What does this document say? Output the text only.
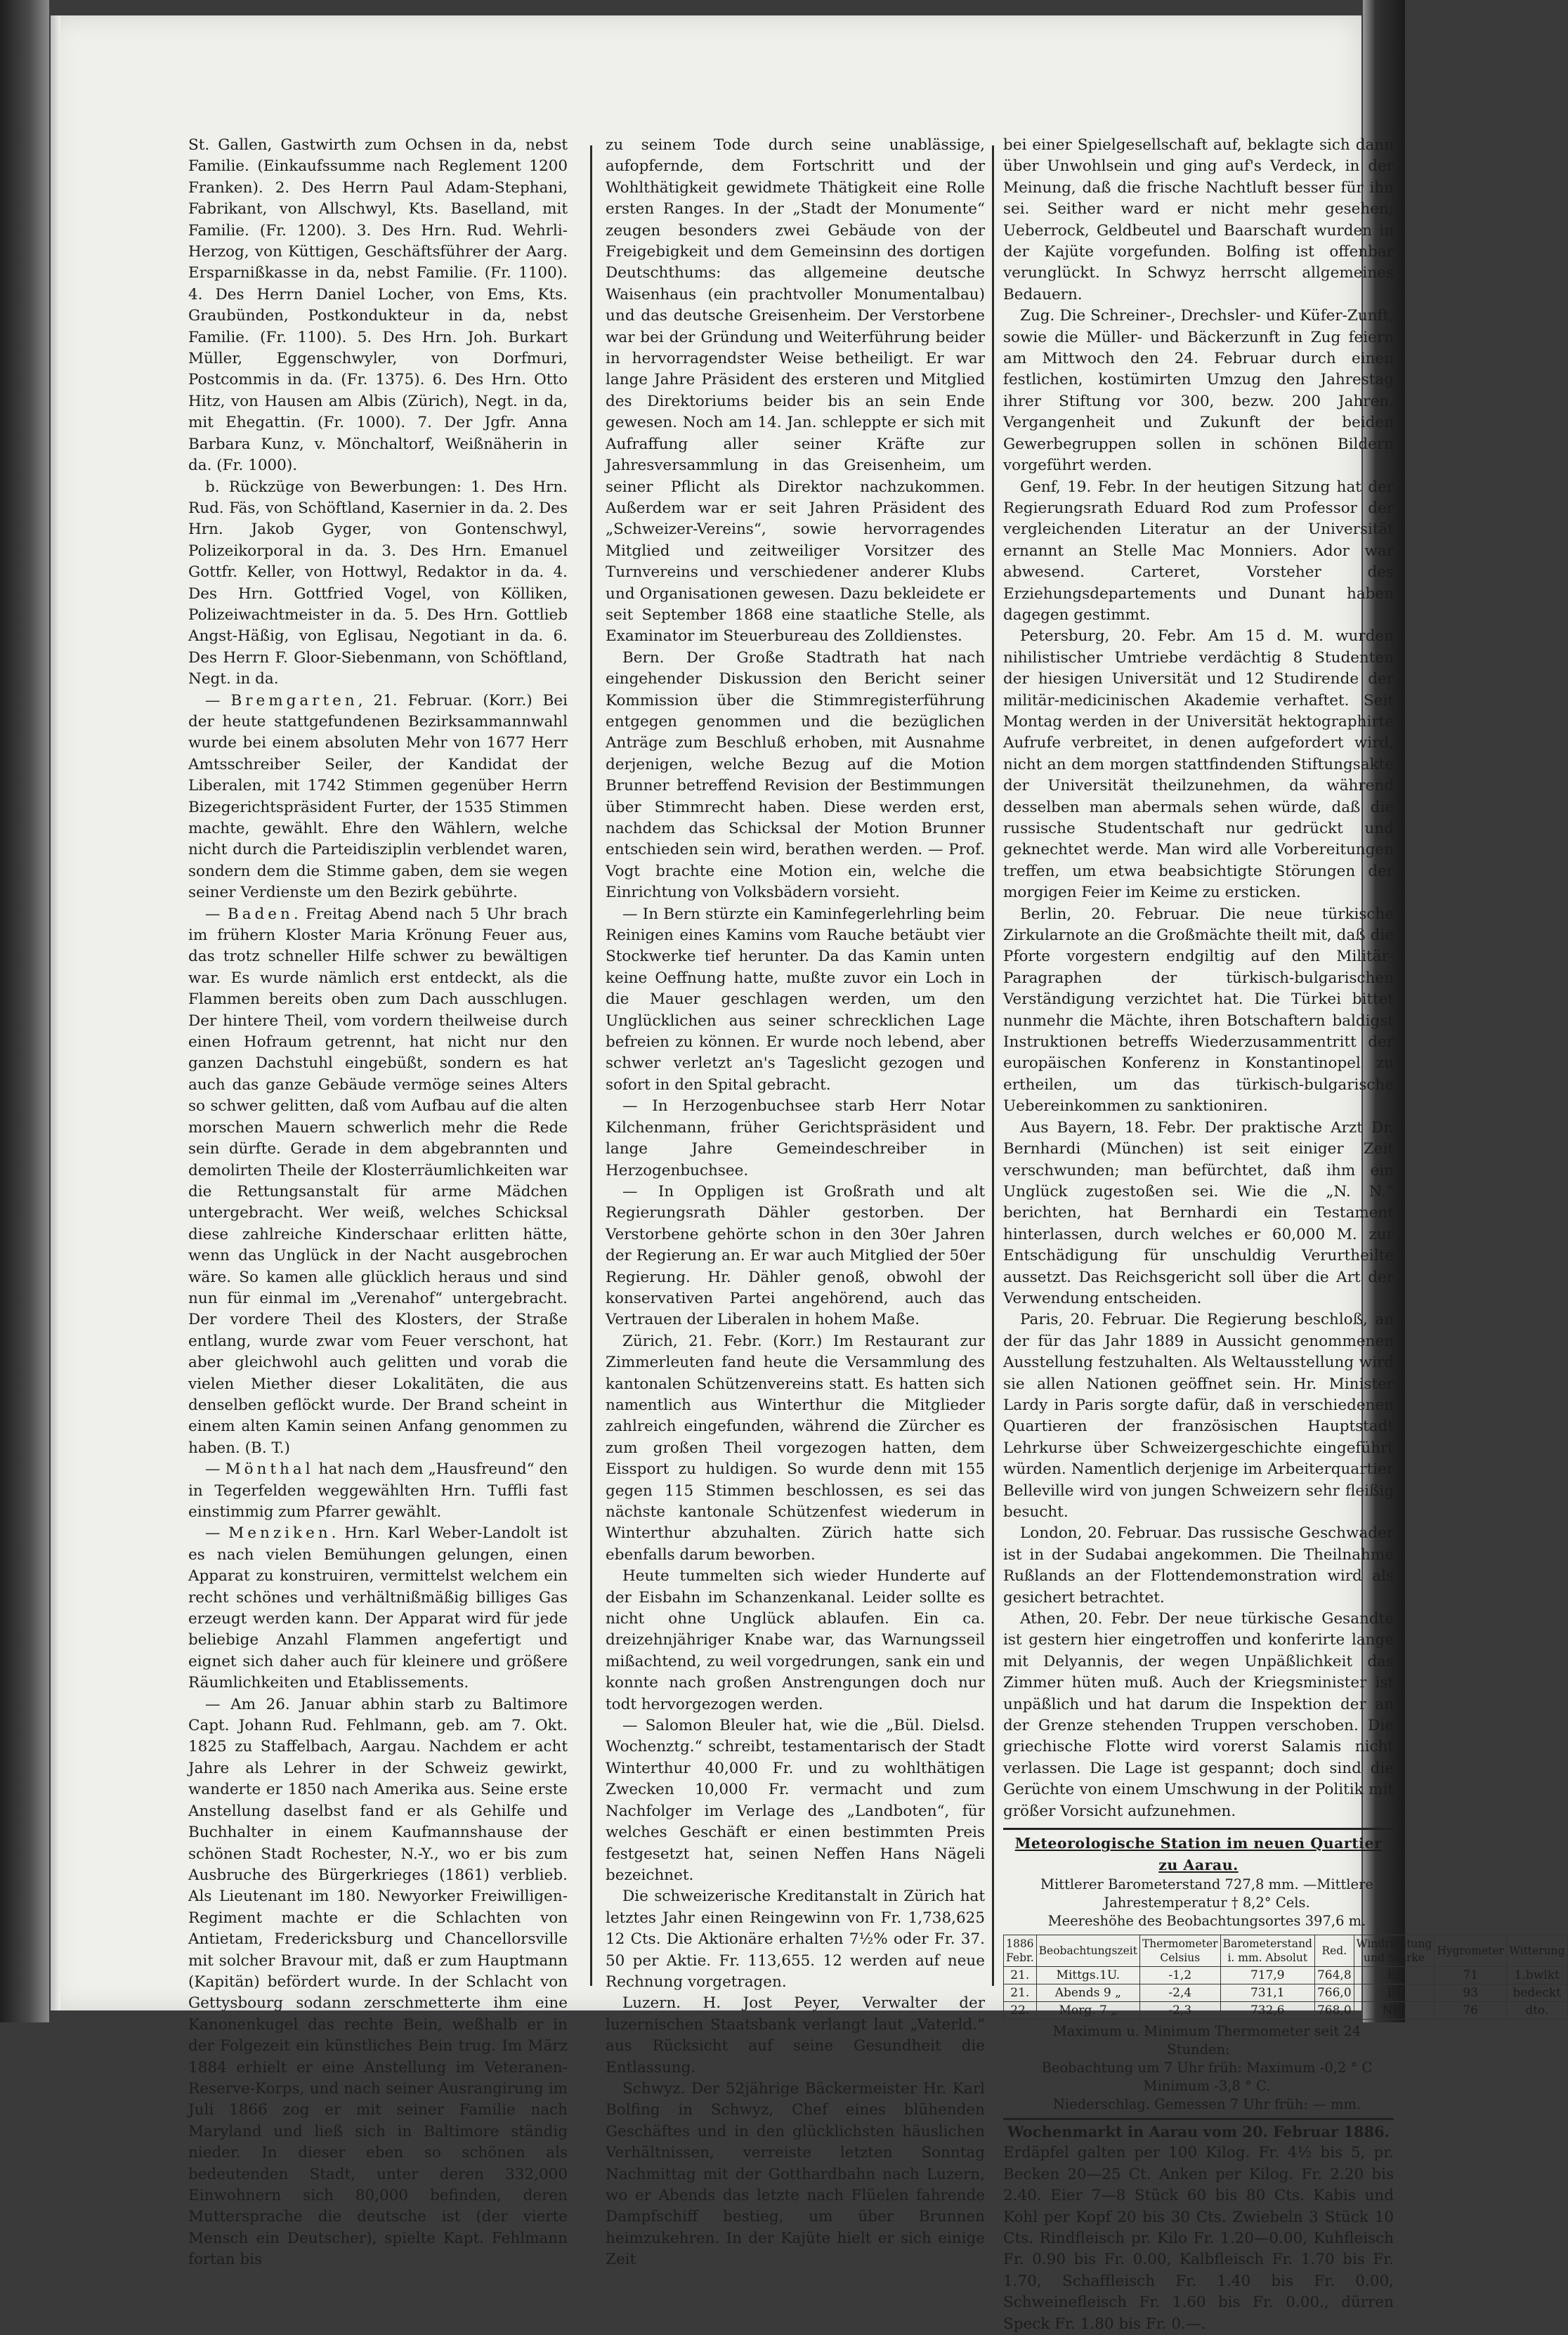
St. Gallen, Gastwirth zum Ochsen in da, nebst Familie. (Einkaufssumme nach Reglement 1200 Franken). 2. Des Herrn Paul Adam-Stephani, Fabrikant, von Allschwyl, Kts. Baselland, mit Familie. (Fr. 1200). 3. Des Hrn. Rud. Wehrli-Herzog, von Küttigen, Geschäftsführer der Aarg. Ersparnißkasse in da, nebst Familie. (Fr. 1100). 4. Des Herrn Daniel Locher, von Ems, Kts. Graubünden, Postkondukteur in da, nebst Familie. (Fr. 1100). 5. Des Hrn. Joh. Burkart Müller, Eggenschwyler, von Dorfmuri, Postcommis in da. (Fr. 1375). 6. Des Hrn. Otto Hitz, von Hausen am Albis (Zürich), Negt. in da, mit Ehegattin. (Fr. 1000). 7. Der Jgfr. Anna Barbara Kunz, v. Mönchaltorf, Weißnäherin in da. (Fr. 1000).

b. Rückzüge von Bewerbungen: 1. Des Hrn. Rud. Fäs, von Schöftland, Kasernier in da. 2. Des Hrn. Jakob Gyger, von Gontenschwyl, Polizeikorporal in da. 3. Des Hrn. Emanuel Gottfr. Keller, von Hottwyl, Redaktor in da. 4. Des Hrn. Gottfried Vogel, von Kölliken, Polizeiwachtmeister in da. 5. Des Hrn. Gottlieb Angst-Häßig, von Eglisau, Negotiant in da. 6. Des Herrn F. Gloor-Siebenmann, von Schöftland, Negt. in da.

— Bremgarten, 21. Februar. (Korr.) Bei der heute stattgefundenen Bezirksammannwahl wurde bei einem absoluten Mehr von 1677 Herr Amtsschreiber Seiler, der Kandidat der Liberalen, mit 1742 Stimmen gegenüber Herrn Bizegerichtspräsident Furter, der 1535 Stimmen machte, gewählt. Ehre den Wählern, welche nicht durch die Parteidisziplin verblendet waren, sondern dem die Stimme gaben, dem sie wegen seiner Verdienste um den Bezirk gebührte.

— Baden. Freitag Abend nach 5 Uhr brach im frühern Kloster Maria Krönung Feuer aus, das trotz schneller Hilfe schwer zu bewältigen war. Es wurde nämlich erst entdeckt, als die Flammen bereits oben zum Dach ausschlugen. Der hintere Theil, vom vordern theilweise durch einen Hofraum getrennt, hat nicht nur den ganzen Dachstuhl eingebüßt, sondern es hat auch das ganze Gebäude vermöge seines Alters so schwer gelitten, daß vom Aufbau auf die alten morschen Mauern schwerlich mehr die Rede sein dürfte. Gerade in dem abgebrannten und demolirten Theile der Klosterräumlichkeiten war die Rettungsanstalt für arme Mädchen untergebracht. Wer weiß, welches Schicksal diese zahlreiche Kinderschaar erlitten hätte, wenn das Unglück in der Nacht ausgebrochen wäre. So kamen alle glücklich heraus und sind nun für einmal im „Verenahof“ untergebracht. Der vordere Theil des Klosters, der Straße entlang, wurde zwar vom Feuer verschont, hat aber gleichwohl auch gelitten und vorab die vielen Miether dieser Lokalitäten, die aus denselben geflöckt wurde. Der Brand scheint in einem alten Kamin seinen Anfang genommen zu haben. (B. T.)

— Mönthal hat nach dem „Hausfreund“ den in Tegerfelden weggewählten Hrn. Tuffli fast einstimmig zum Pfarrer gewählt.

— Menziken. Hrn. Karl Weber-Landolt ist es nach vielen Bemühungen gelungen, einen Apparat zu konstruiren, vermittelst welchem ein recht schönes und verhältnißmäßig billiges Gas erzeugt werden kann. Der Apparat wird für jede beliebige Anzahl Flammen angefertigt und eignet sich daher auch für kleinere und größere Räumlichkeiten und Etablissements.

— Am 26. Januar abhin starb zu Baltimore Capt. Johann Rud. Fehlmann, geb. am 7. Okt. 1825 zu Staffelbach, Aargau. Nachdem er acht Jahre als Lehrer in der Schweiz gewirkt, wanderte er 1850 nach Amerika aus. Seine erste Anstellung daselbst fand er als Gehilfe und Buchhalter in einem Kaufmannshause der schönen Stadt Rochester, N.-Y., wo er bis zum Ausbruche des Bürgerkrieges (1861) verblieb. Als Lieutenant im 180. Newyorker Freiwilligen-Regiment machte er die Schlachten von Antietam, Fredericksburg und Chancellorsville mit solcher Bravour mit, daß er zum Hauptmann (Kapitän) befördert wurde. In der Schlacht von Gettysbourg sodann zerschmetterte ihm eine Kanonenkugel das rechte Bein, weßhalb er in der Folgezeit ein künstliches Bein trug. Im März 1884 erhielt er eine Anstellung im Veteranen-Reserve-Korps, und nach seiner Ausrangirung im Juli 1866 zog er mit seiner Familie nach Maryland und ließ sich in Baltimore ständig nieder. In dieser eben so schönen als bedeutenden Stadt, unter deren 332,000 Einwohnern sich 80,000 befinden, deren Muttersprache die deutsche ist (der vierte Mensch ein Deutscher), spielte Kapt. Fehlmann fortan bis

zu seinem Tode durch seine unablässige, aufopfernde, dem Fortschritt und der Wohlthätigkeit gewidmete Thätigkeit eine Rolle ersten Ranges. In der „Stadt der Monumente“ zeugen besonders zwei Gebäude von der Freigebigkeit und dem Gemeinsinn des dortigen Deutschthums: das allgemeine deutsche Waisenhaus (ein prachtvoller Monumentalbau) und das deutsche Greisenheim. Der Verstorbene war bei der Gründung und Weiterführung beider in hervorragendster Weise betheiligt. Er war lange Jahre Präsident des ersteren und Mitglied des Direktoriums beider bis an sein Ende gewesen. Noch am 14. Jan. schleppte er sich mit Aufraffung aller seiner Kräfte zur Jahresversammlung in das Greisenheim, um seiner Pflicht als Direktor nachzukommen. Außerdem war er seit Jahren Präsident des „Schweizer-Vereins“, sowie hervorragendes Mitglied und zeitweiliger Vorsitzer des Turnvereins und verschiedener anderer Klubs und Organisationen gewesen. Dazu bekleidete er seit September 1868 eine staatliche Stelle, als Examinator im Steuerbureau des Zolldienstes.

Bern. Der Große Stadtrath hat nach eingehender Diskussion den Bericht seiner Kommission über die Stimmregisterführung entgegen genommen und die bezüglichen Anträge zum Beschluß erhoben, mit Ausnahme derjenigen, welche Bezug auf die Motion Brunner betreffend Revision der Bestimmungen über Stimmrecht haben. Diese werden erst, nachdem das Schicksal der Motion Brunner entschieden sein wird, berathen werden. — Prof. Vogt brachte eine Motion ein, welche die Einrichtung von Volksbädern vorsieht.

— In Bern stürzte ein Kaminfegerlehrling beim Reinigen eines Kamins vom Rauche betäubt vier Stockwerke tief herunter. Da das Kamin unten keine Oeffnung hatte, mußte zuvor ein Loch in die Mauer geschlagen werden, um den Unglücklichen aus seiner schrecklichen Lage befreien zu können. Er wurde noch lebend, aber schwer verletzt an's Tageslicht gezogen und sofort in den Spital gebracht.

— In Herzogenbuchsee starb Herr Notar Kilchenmann, früher Gerichtspräsident und lange Jahre Gemeindeschreiber in Herzogenbuchsee.

— In Oppligen ist Großrath und alt Regierungsrath Dähler gestorben. Der Verstorbene gehörte schon in den 30er Jahren der Regierung an. Er war auch Mitglied der 50er Regierung. Hr. Dähler genoß, obwohl der konservativen Partei angehörend, auch das Vertrauen der Liberalen in hohem Maße.

Zürich, 21. Febr. (Korr.) Im Restaurant zur Zimmerleuten fand heute die Versammlung des kantonalen Schützenvereins statt. Es hatten sich namentlich aus Winterthur die Mitglieder zahlreich eingefunden, während die Zürcher es zum großen Theil vorgezogen hatten, dem Eissport zu huldigen. So wurde denn mit 155 gegen 115 Stimmen beschlossen, es sei das nächste kantonale Schützenfest wiederum in Winterthur abzuhalten. Zürich hatte sich ebenfalls darum beworben.

Heute tummelten sich wieder Hunderte auf der Eisbahn im Schanzenkanal. Leider sollte es nicht ohne Unglück ablaufen. Ein ca. dreizehnjähriger Knabe war, das Warnungsseil mißachtend, zu weil vorgedrungen, sank ein und konnte nach großen Anstrengungen doch nur todt hervorgezogen werden.

— Salomon Bleuler hat, wie die „Bül. Dielsd. Wochenztg.“ schreibt, testamentarisch der Stadt Winterthur 40,000 Fr. und zu wohlthätigen Zwecken 10,000 Fr. vermacht und zum Nachfolger im Verlage des „Landboten“, für welches Geschäft er einen bestimmten Preis festgesetzt hat, seinen Neffen Hans Nägeli bezeichnet.

Die schweizerische Kreditanstalt in Zürich hat letztes Jahr einen Reingewinn von Fr. 1,738,625 12 Cts. Die Aktionäre erhalten 7½% oder Fr. 37. 50 per Aktie. Fr. 113,655. 12 werden auf neue Rechnung vorgetragen.

Luzern. H. Jost Peyer, Verwalter der luzernischen Staatsbank verlangt laut „Vaterld.“ aus Rücksicht auf seine Gesundheit die Entlassung.

Schwyz. Der 52jährige Bäckermeister Hr. Karl Bolfing in Schwyz, Chef eines blühenden Geschäftes und in den glücklichsten häuslichen Verhältnissen, verreiste letzten Sonntag Nachmittag mit der Gotthardbahn nach Luzern, wo er Abends das letzte nach Flüelen fahrende Dampfschiff bestieg, um über Brunnen heimzukehren. In der Kajüte hielt er sich einige Zeit

bei einer Spielgesellschaft auf, beklagte sich dann über Unwohlsein und ging auf's Verdeck, in der Meinung, daß die frische Nachtluft besser für ihn sei. Seither ward er nicht mehr gesehen; Ueberrock, Geldbeutel und Baarschaft wurden in der Kajüte vorgefunden. Bolfing ist offenbar verunglückt. In Schwyz herrscht allgemeines Bedauern.

Zug. Die Schreiner-, Drechsler- und Küfer-Zunft, sowie die Müller- und Bäckerzunft in Zug feiern am Mittwoch den 24. Februar durch einen festlichen, kostümirten Umzug den Jahrestag ihrer Stiftung vor 300, bezw. 200 Jahren. Vergangenheit und Zukunft der beiden Gewerbegruppen sollen in schönen Bildern vorgeführt werden.

Genf, 19. Febr. In der heutigen Sitzung hat der Regierungsrath Eduard Rod zum Professor der vergleichenden Literatur an der Universität ernannt an Stelle Mac Monniers. Ador war abwesend. Carteret, Vorsteher des Erziehungsdepartements und Dunant haben dagegen gestimmt.

Petersburg, 20. Febr. Am 15 d. M. wurden nihilistischer Umtriebe verdächtig 8 Studenten der hiesigen Universität und 12 Studirende der militär-medicinischen Akademie verhaftet. Seit Montag werden in der Universität hektographirte Aufrufe verbreitet, in denen aufgefordert wird, nicht an dem morgen stattfindenden Stiftungsakte der Universität theilzunehmen, da während desselben man abermals sehen würde, daß die russische Studentschaft nur gedrückt und geknechtet werde. Man wird alle Vorbereitungen treffen, um etwa beabsichtigte Störungen der morgigen Feier im Keime zu ersticken.

Berlin, 20. Februar. Die neue türkische Zirkularnote an die Großmächte theilt mit, daß die Pforte vorgestern endgiltig auf den Militär-Paragraphen der türkisch-bulgarischen Verständigung verzichtet hat. Die Türkei bittet nunmehr die Mächte, ihren Botschaftern baldigst Instruktionen betreffs Wiederzusammentritt der europäischen Konferenz in Konstantinopel zu ertheilen, um das türkisch-bulgarische Uebereinkommen zu sanktioniren.

Aus Bayern, 18. Febr. Der praktische Arzt Dr. Bernhardi (München) ist seit einiger Zeit verschwunden; man befürchtet, daß ihm ein Unglück zugestoßen sei. Wie die „N. N.“ berichten, hat Bernhardi ein Testament hinterlassen, durch welches er 60,000 M. zur Entschädigung für unschuldig Verurtheilte aussetzt. Das Reichsgericht soll über die Art der Verwendung entscheiden.

Paris, 20. Februar. Die Regierung beschloß, an der für das Jahr 1889 in Aussicht genommenen Ausstellung festzuhalten. Als Weltausstellung wird sie allen Nationen geöffnet sein. Hr. Minister Lardy in Paris sorgte dafür, daß in verschiedenen Quartieren der französischen Hauptstadt Lehrkurse über Schweizergeschichte eingeführt würden. Namentlich derjenige im Arbeiterquartier Belleville wird von jungen Schweizern sehr fleißig besucht.

London, 20. Februar. Das russische Geschwader ist in der Sudabai angekommen. Die Theilnahme Rußlands an der Flottendemonstration wird als gesichert betrachtet.

Athen, 20. Febr. Der neue türkische Gesandte ist gestern hier eingetroffen und konferirte lange mit Delyannis, der wegen Unpäßlichkeit das Zimmer hüten muß. Auch der Kriegsminister ist unpäßlich und hat darum die Inspektion der an der Grenze stehenden Truppen verschoben. Die griechische Flotte wird vorerst Salamis nicht verlassen. Die Lage ist gespannt; doch sind die Gerüchte von einem Umschwung in der Politik mit größer Vorsicht aufzunehmen.

Meteorologische Station im neuen Quartier zu Aarau.

Mittlerer Barometerstand 727,8 mm. —Mittlere

Jahrestemperatur † 8,2° Cels.

Meereshöhe des Beobachtungsortes 397,6 m.

1886 Febr.	Beobachtungszeit	Thermometer Celsius	Barometerstand i. mm. Absolut	Red.	Windrichtung und Stärke	Hygrometer	Witterung
21.	Mittgs.1U.	-1,2	717,9	764,8	E₂	71	1.bwlkt
21.	Abends 9 „	-2,4	731,1	766,0	E₁	93	bedeckt
22.	Morg. 7 „	-2,3	732,6	768,0	NE₁	76	dto.

Maximum u. Minimum Thermometer seit 24 Stunden:

Beobachtung um 7 Uhr früh: Maximum -0,2 ° C

Minimum -3,8 ° C.

Niederschlag. Gemessen 7 Uhr früh: — mm.

Wochenmarkt in Aarau vom 20. Februar 1886.

Erdäpfel galten per 100 Kilog. Fr. 4½ bis 5, pr. Becken 20—25 Ct. Anken per Kilog. Fr. 2.20 bis 2.40. Eier 7—8 Stück 60 bis 80 Cts. Kabis und Kohl per Kopf 20 bis 30 Cts. Zwiebeln 3 Stück 10 Cts. Rindfleisch pr. Kilo Fr. 1.20—0.00, Kuhfleisch Fr. 0.90 bis Fr. 0.00, Kalbfleisch Fr. 1.70 bis Fr. 1.70, Schaffleisch Fr. 1.40 bis Fr. 0.00, Schweinefleisch Fr. 1.60 bis Fr. 0.00., dürren Speck Fr. 1.80 bis Fr. 0.—.
